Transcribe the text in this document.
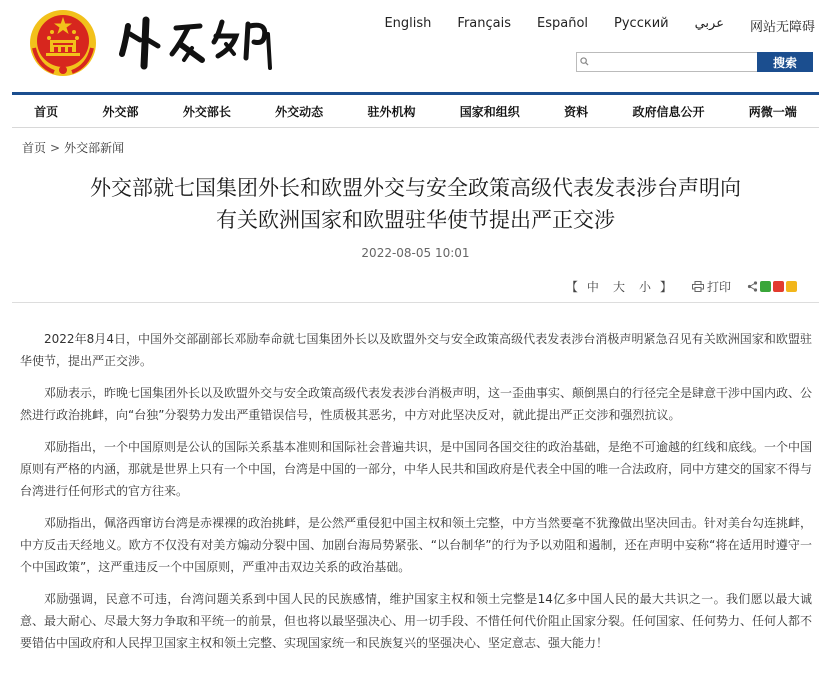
English Français Español Русский عربي 网站无障碍
搜索
首页	外交部	外交部长	外交动态	驻外机构	国家和组织	资料	政府信息公开	两微一端
首页 > 外交部新闻
外交部就七国集团外长和欧盟外交与安全政策高级代表发表涉台声明向
有关欧洲国家和欧盟驻华使节提出严正交涉
2022-08-05 10:01
【 中 大 小 】	打印

2022年8月4日，中国外交部副部长邓励奉命就七国集团外长以及欧盟外交与安全政策高级代表发表涉台消极声明紧急召见有关欧洲国家和欧盟驻华使节，提出严正交涉。

邓励表示，昨晚七国集团外长以及欧盟外交与安全政策高级代表发表涉台消极声明，这一歪曲事实、颠倒黑白的行径完全是肆意干涉中国内政、公然进行政治挑衅，向“台独”分裂势力发出严重错误信号，性质极其恶劣，中方对此坚决反对，就此提出严正交涉和强烈抗议。

邓励指出，一个中国原则是公认的国际关系基本准则和国际社会普遍共识，是中国同各国交往的政治基础，是绝不可逾越的红线和底线。一个中国原则有严格的内涵，那就是世界上只有一个中国，台湾是中国的一部分，中华人民共和国政府是代表全中国的唯一合法政府，同中方建交的国家不得与台湾进行任何形式的官方往来。

邓励指出，佩洛西窜访台湾是赤裸裸的政治挑衅，是公然严重侵犯中国主权和领土完整，中方当然要毫不犹豫做出坚决回击。针对美台勾连挑衅，中方反击天经地义。欧方不仅没有对美方煽动分裂中国、加剧台海局势紧张、“以台制华”的行为予以劝阻和遏制，还在声明中妄称“将在适用时遵守一个中国政策”，这严重违反一个中国原则，严重冲击双边关系的政治基础。

邓励强调，民意不可违，台湾问题关系到中国人民的民族感情，维护国家主权和领土完整是14亿多中国人民的最大共识之一。我们愿以最大诚意、最大耐心、尽最大努力争取和平统一的前景，但也将以最坚强决心、用一切手段、不惜任何代价阻止国家分裂。任何国家、任何势力、任何人都不要错估中国政府和人民捍卫国家主权和领土完整、实现国家统一和民族复兴的坚强决心、坚定意志、强大能力！
